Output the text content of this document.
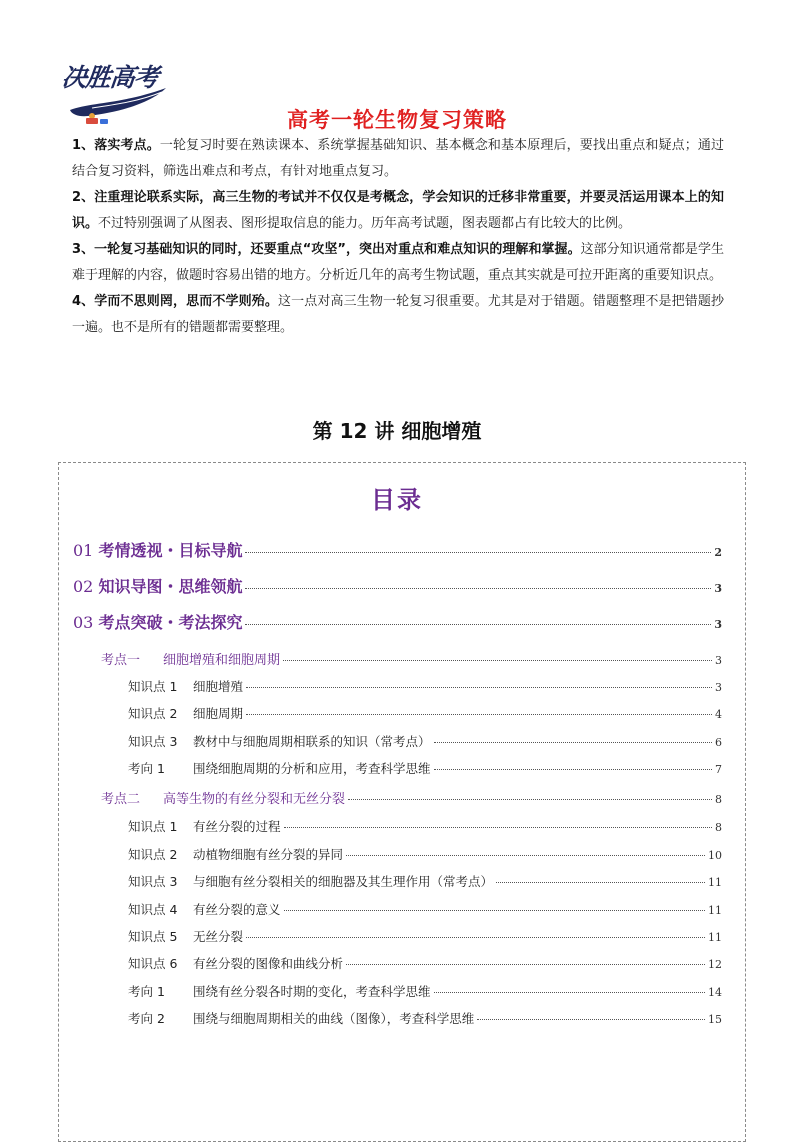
决胜高考
高考一轮生物复习策略

1、落实考点。一轮复习时要在熟读课本、系统掌握基础知识、基本概念和基本原理后，要找出重点和疑点；通过结合复习资料，筛选出难点和考点，有针对地重点复习。

2、注重理论联系实际，高三生物的考试并不仅仅是考概念，学会知识的迁移非常重要，并要灵活运用课本上的知识。不过特别强调了从图表、图形提取信息的能力。历年高考试题，图表题都占有比较大的比例。

3、一轮复习基础知识的同时，还要重点“攻坚”，突出对重点和难点知识的理解和掌握。这部分知识通常都是学生难于理解的内容，做题时容易出错的地方。分析近几年的高考生物试题，重点其实就是可拉开距离的重要知识点。

4、学而不思则罔，思而不学则殆。这一点对高三生物一轮复习很重要。尤其是对于错题。错题整理不是把错题抄一遍。也不是所有的错题都需要整理。

第 12 讲 细胞增殖
目录
01 考情透视・目标导航	2
02 知识导图・思维领航	3
03 考点突破・考法探究	3
考点一 细胞增殖和细胞周期	3
知识点 1 细胞增殖	3
知识点 2 细胞周期	4
知识点 3 教材中与细胞周期相联系的知识（常考点）	6
考向 1 围绕细胞周期的分析和应用，考查科学思维	7
考点二 高等生物的有丝分裂和无丝分裂	8
知识点 1 有丝分裂的过程	8
知识点 2 动植物细胞有丝分裂的异同	10
知识点 3 与细胞有丝分裂相关的细胞器及其生理作用（常考点）	11
知识点 4 有丝分裂的意义	11
知识点 5 无丝分裂	11
知识点 6 有丝分裂的图像和曲线分析	12
考向 1 围绕有丝分裂各时期的变化，考查科学思维	14
考向 2 围绕与细胞周期相关的曲线（图像），考查科学思维	15
